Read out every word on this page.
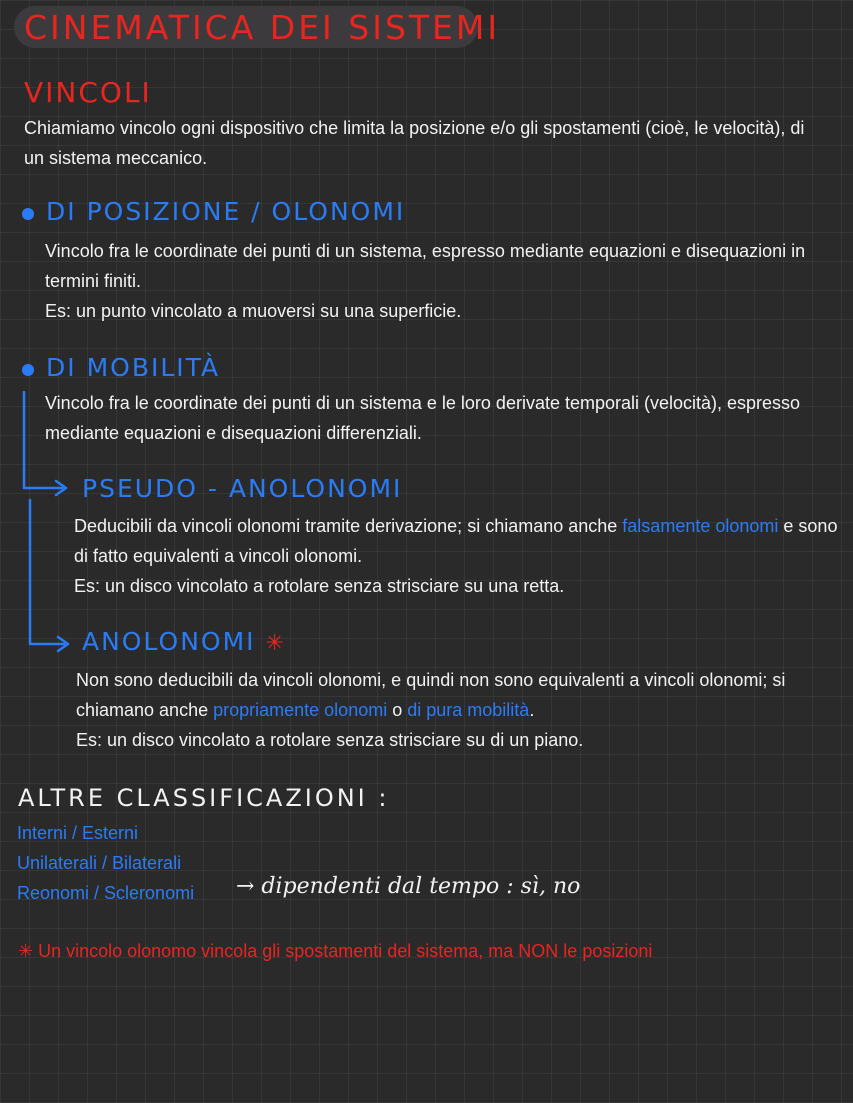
CINEMATICA DEI SISTEMI
VINCOLI
Chiamiamo vincolo ogni dispositivo che limita la posizione e/o gli spostamenti (cioè, le velocità), di un sistema meccanico.
DI POSIZIONE / OLONOMI
Vincolo fra le coordinate dei punti di un sistema, espresso mediante equazioni e disequazioni in termini finiti.
Es: un punto vincolato a muoversi su una superficie.
DI MOBILITÀ
Vincolo fra le coordinate dei punti di un sistema e le loro derivate temporali (velocità), espresso mediante equazioni e disequazioni differenziali.
PSEUDO - ANOLONOMI
Deducibili da vincoli olonomi tramite derivazione; si chiamano anche falsamente olonomi e sono di fatto equivalenti a vincoli olonomi.
Es: un disco vincolato a rotolare senza strisciare su una retta.
ANOLONOMI ✳
Non sono deducibili da vincoli olonomi, e quindi non sono equivalenti a vincoli olonomi; si chiamano anche propriamente olonomi o di pura mobilità.
Es: un disco vincolato a rotolare senza strisciare su di un piano.
ALTRE CLASSIFICAZIONI :
Interni / Esterni
Unilaterali / Bilaterali
Reonomi / Scleronomi → dipendenti dal tempo : sì, no
✳ Un vincolo olonomo vincola gli spostamenti del sistema, ma NON le posizioni
